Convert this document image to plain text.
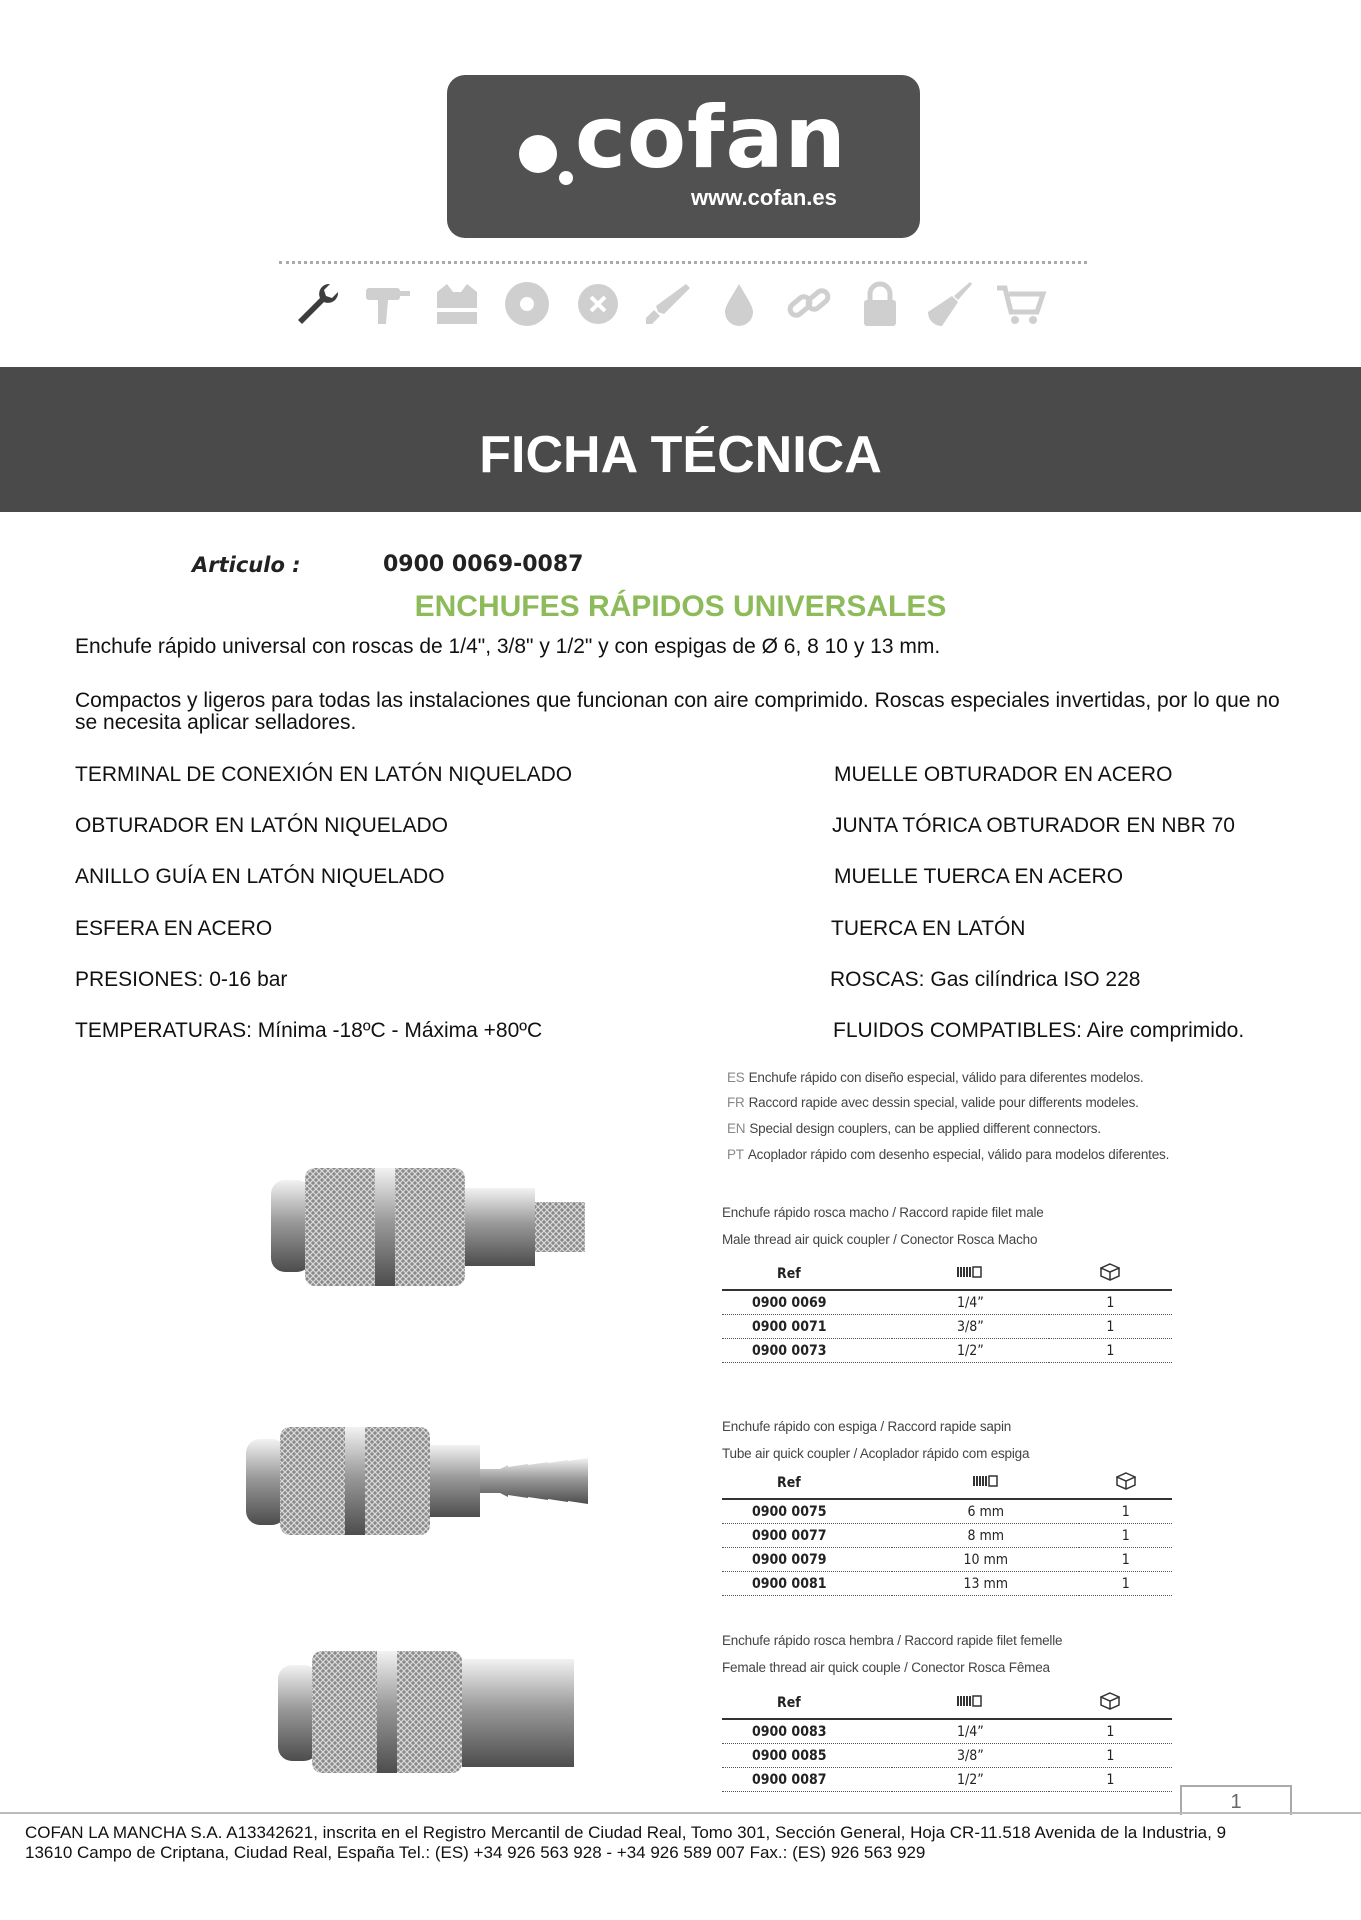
cofan
www.cofan.es

FICHA TÉCNICA
Articulo :	0900 0069-0087
ENCHUFES RÁPIDOS UNIVERSALES
Enchufe rápido universal con roscas de 1/4", 3/8" y 1/2" y con espigas de Ø 6, 8 10 y 13 mm.
Compactos y ligeros para todas las instalaciones que funcionan con aire comprimido. Roscas especiales invertidas, por lo que no se necesita aplicar selladores.
TERMINAL DE CONEXIÓN EN LATÓN NIQUELADO
OBTURADOR EN LATÓN NIQUELADO
ANILLO GUÍA EN LATÓN NIQUELADO
ESFERA EN ACERO
PRESIONES: 0-16 bar
TEMPERATURAS: Mínima -18ºC - Máxima +80ºC
MUELLE OBTURADOR EN ACERO
JUNTA TÓRICA OBTURADOR EN NBR 70
MUELLE TUERCA EN ACERO
TUERCA EN LATÓN
ROSCAS: Gas cilíndrica ISO 228
FLUIDOS COMPATIBLES: Aire comprimido.
ES Enchufe rápido con diseño especial, válido para diferentes modelos.
FR Raccord rapide avec dessin special, valide pour differents modeles.
EN Special design couplers, can be applied different connectors.
PT Acoplador rápido com desenho especial, válido para modelos diferentes.
Enchufe rápido rosca macho / Raccord rapide filet male
Male thread air quick coupler / Conector Rosca Macho
Ref		
0900 0069	1/4”	1
0900 0071	3/8”	1
0900 0073	1/2”	1
Enchufe rápido con espiga / Raccord rapide sapin
Tube air quick coupler / Acoplador rápido com espiga
Ref		
0900 0075	6 mm	1
0900 0077	8 mm	1
0900 0079	10 mm	1
0900 0081	13 mm	1
Enchufe rápido rosca hembra / Raccord rapide filet femelle
Female thread air quick couple / Conector Rosca Fêmea
Ref		
0900 0083	1/4”	1
0900 0085	3/8”	1
0900 0087	1/2”	1
1
COFAN LA MANCHA S.A. A13342621, inscrita en el Registro Mercantil de Ciudad Real, Tomo 301, Sección General, Hoja CR-11.518 Avenida de la Industria, 9
13610 Campo de Criptana, Ciudad Real, España Tel.: (ES) +34 926 563 928 - +34 926 589 007 Fax.: (ES) 926 563 929
